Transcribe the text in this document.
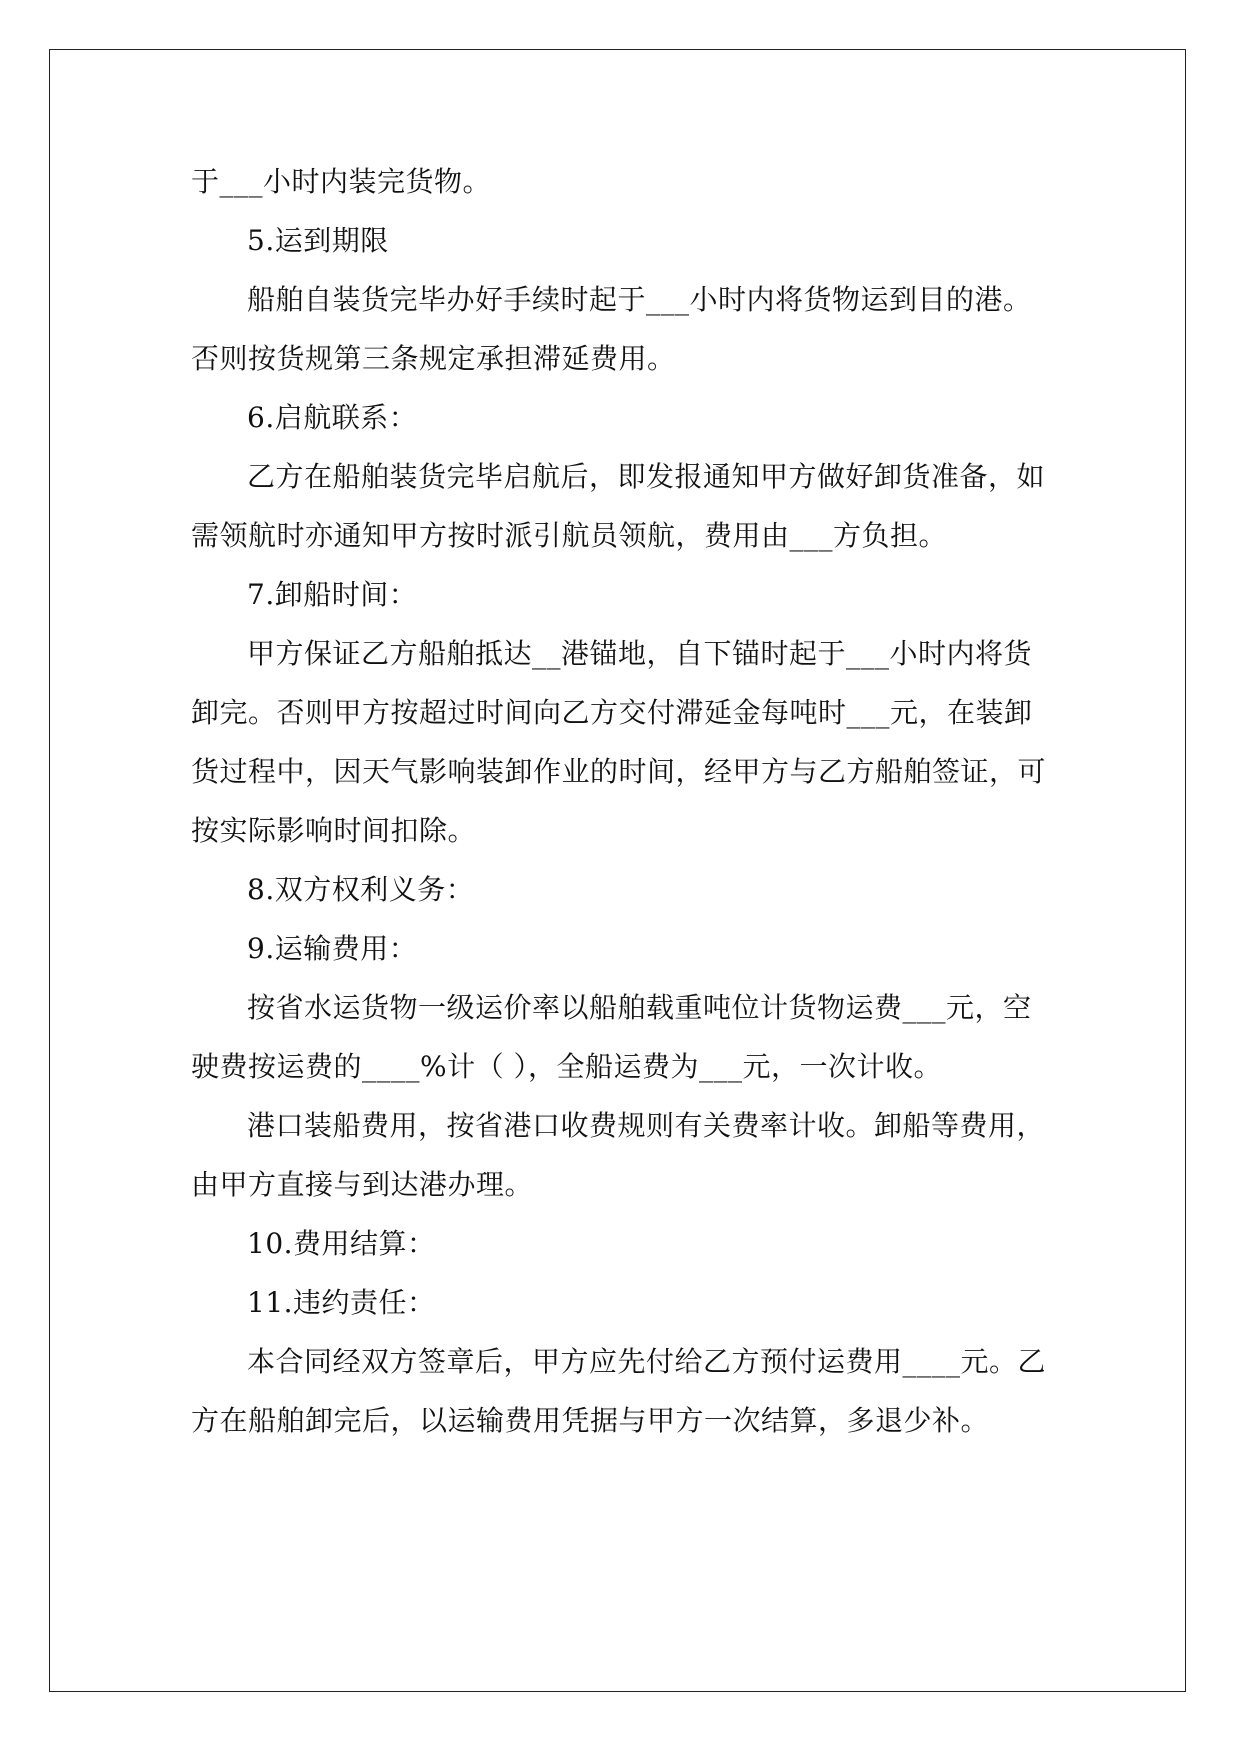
于___小时内装完货物。
5.运到期限
船舶自装货完毕办好手续时起于___小时内将货物运到目的港。
否则按货规第三条规定承担滞延费用。
6.启航联系：
乙方在船舶装货完毕启航后，即发报通知甲方做好卸货准备，如
需领航时亦通知甲方按时派引航员领航，费用由___方负担。
7.卸船时间：
甲方保证乙方船舶抵达__港锚地，自下锚时起于___小时内将货
卸完。否则甲方按超过时间向乙方交付滞延金每吨时___元，在装卸
货过程中，因天气影响装卸作业的时间，经甲方与乙方船舶签证，可
按实际影响时间扣除。
8.双方权利义务：
9.运输费用：
按省水运货物一级运价率以船舶载重吨位计货物运费___元，空
驶费按运费的____%计（ ），全船运费为___元，一次计收。
港口装船费用，按省港口收费规则有关费率计收。卸船等费用，
由甲方直接与到达港办理。
10.费用结算：
11.违约责任：
本合同经双方签章后，甲方应先付给乙方预付运费用____元。乙
方在船舶卸完后，以运输费用凭据与甲方一次结算，多退少补。
